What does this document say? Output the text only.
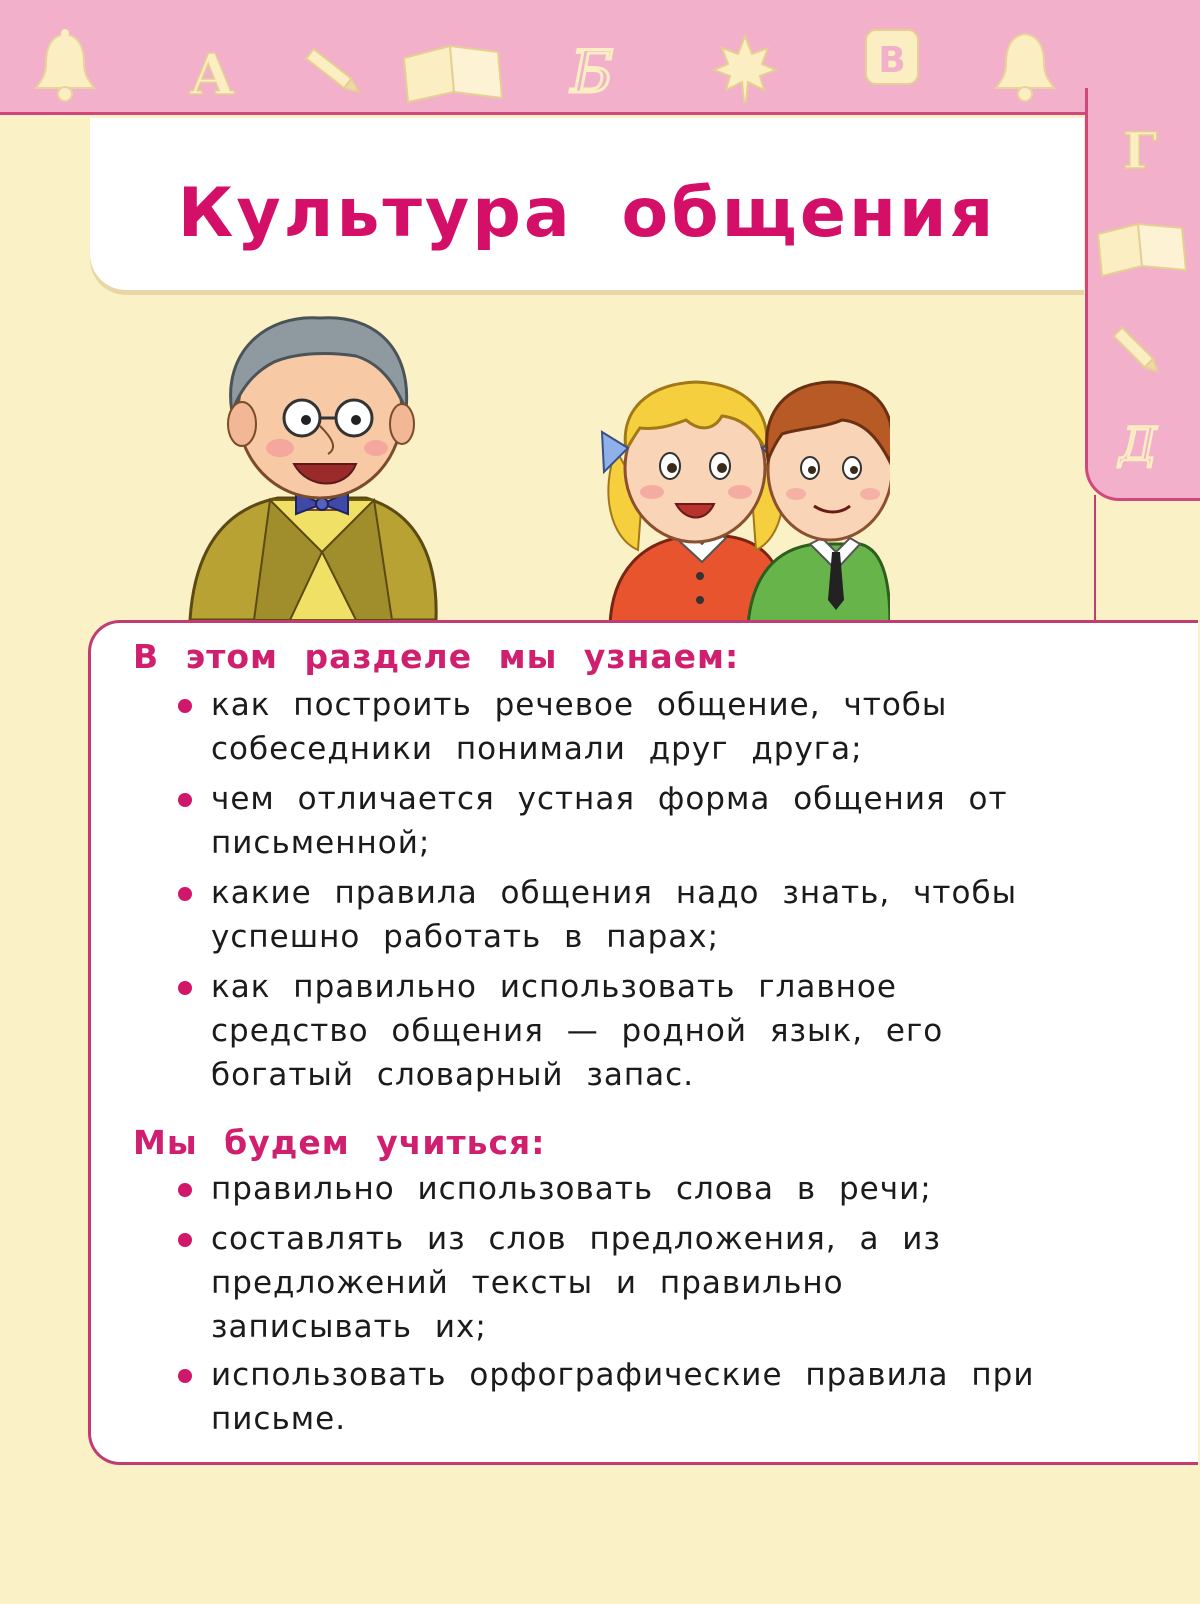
А	Б	В
Г
Д
Культура общения
В этом разделе мы узнаем:
как построить речевое общение, чтобы собеседники понимали друг друга;
чем отличается устная форма общения от письменной;
какие правила общения надо знать, чтобы успешно работать в парах;
как правильно использовать главное средство общения — родной язык, его богатый словарный запас.
Мы будем учиться:
правильно использовать слова в речи;
составлять из слов предложения, а из предложений тексты и правильно записывать их;
использовать орфографические правила при письме.
